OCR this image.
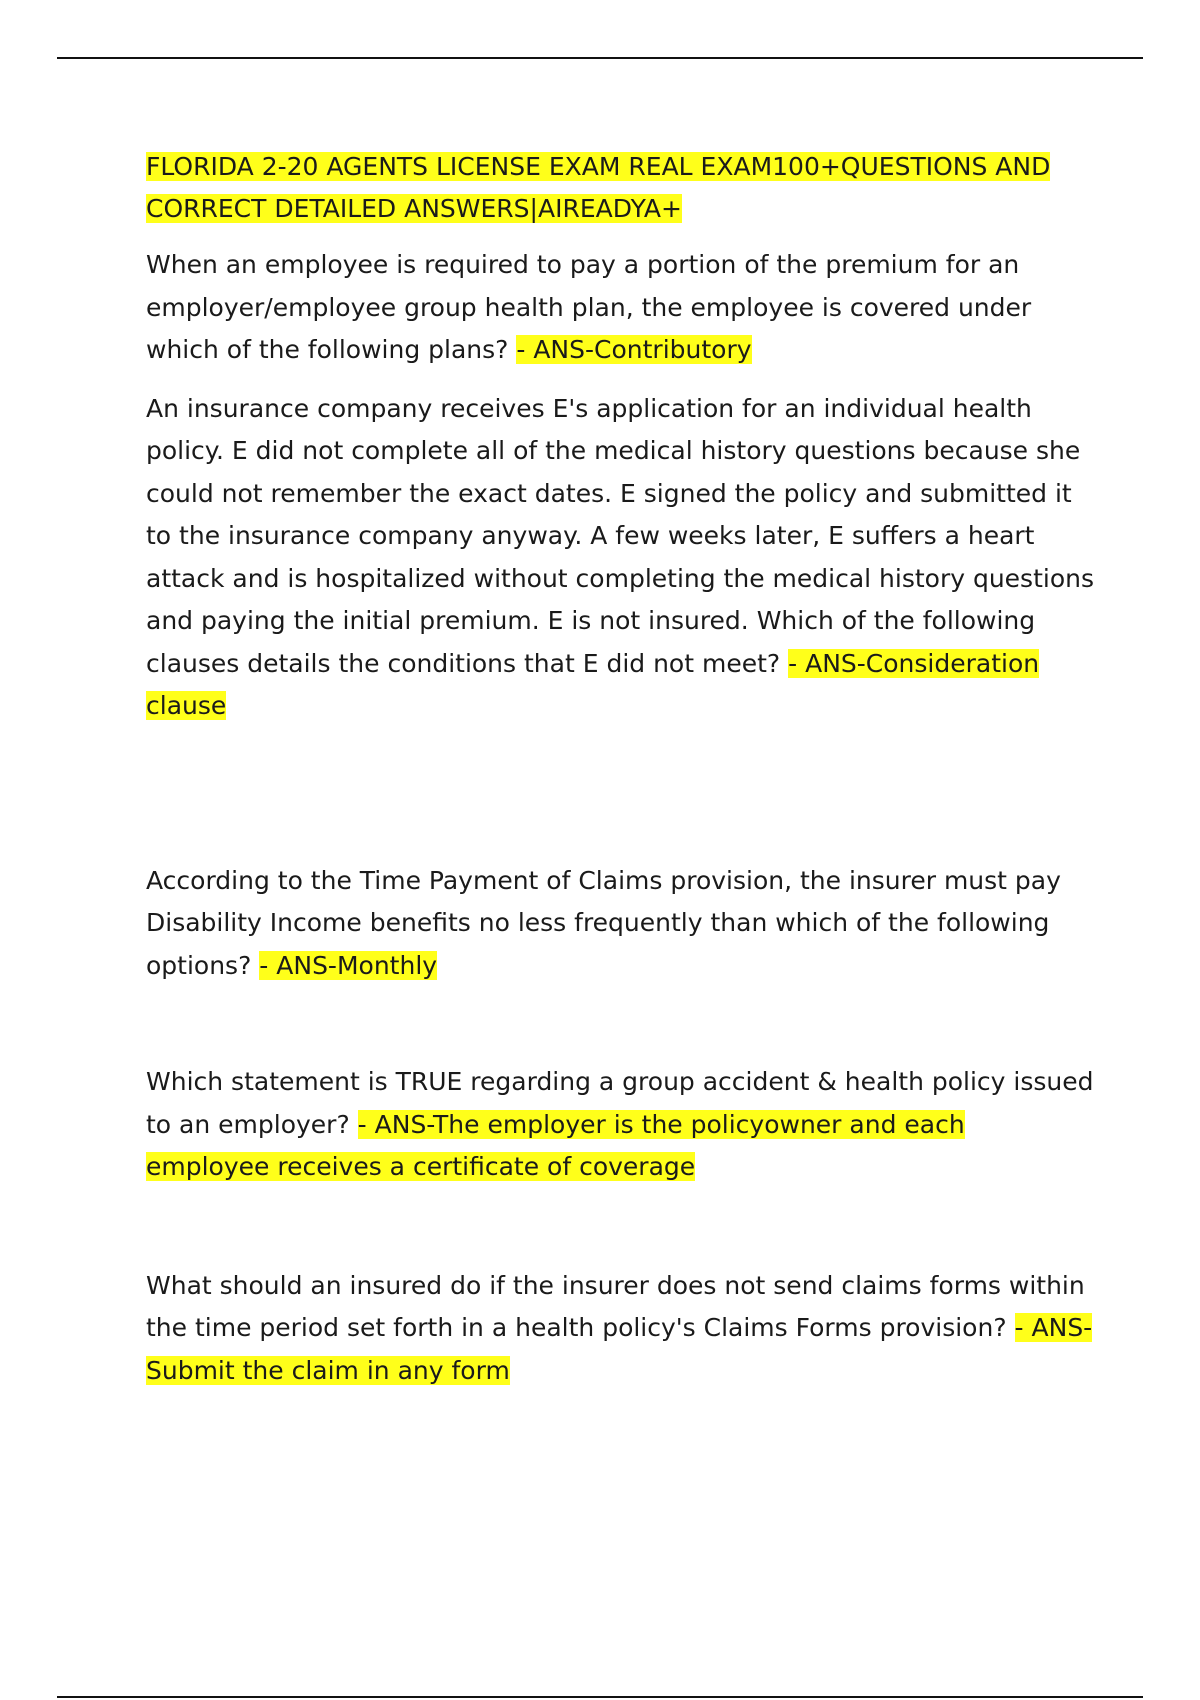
FLORIDA 2-20 AGENTS LICENSE EXAM REAL EXAM100+QUESTIONS AND CORRECT DETAILED ANSWERS|AIREADYA+

When an employee is required to pay a portion of the premium for an employer/employee group health plan, the employee is covered under which of the following plans? - ANS-Contributory

An insurance company receives E's application for an individual health policy. E did not complete all of the medical history questions because she could not remember the exact dates. E signed the policy and submitted it to the insurance company anyway. A few weeks later, E suffers a heart attack and is hospitalized without completing the medical history questions and paying the initial premium. E is not insured. Which of the following clauses details the conditions that E did not meet? - ANS-Consideration clause

According to the Time Payment of Claims provision, the insurer must pay Disability Income benefits no less frequently than which of the following options? - ANS-Monthly

Which statement is TRUE regarding a group accident & health policy issued to an employer? - ANS-The employer is the policyowner and each employee receives a certificate of coverage

What should an insured do if the insurer does not send claims forms within the time period set forth in a health policy's Claims Forms provision? - ANS-Submit the claim in any form
